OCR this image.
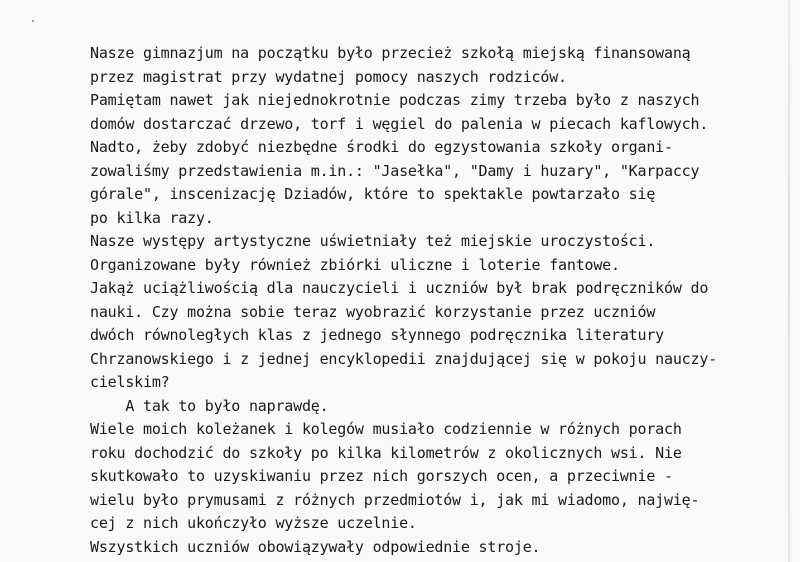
Nasze gimnazjum na początku było przecież szkołą miejską finansowaną
przez magistrat przy wydatnej pomocy naszych rodziców.
Pamiętam nawet jak niejednokrotnie podczas zimy trzeba było z naszych
domów dostarczać drzewo, torf i węgiel do palenia w piecach kaflowych.
Nadto, żeby zdobyć niezbędne środki do egzystowania szkoły organi-
zowaliśmy przedstawienia m.in.: "Jasełka", "Damy i huzary", "Karpaccy
górale", inscenizację Dziadów, które to spektakle powtarzało się
po kilka razy.
Nasze występy artystyczne uświetniały też miejskie uroczystości.
Organizowane były również zbiórki uliczne i loterie fantowe.
Jakąż uciążliwością dla nauczycieli i uczniów był brak podręczników do
nauki. Czy można sobie teraz wyobrazić korzystanie przez uczniów
dwóch równoległych klas z jednego słynnego podręcznika literatury
Chrzanowskiego i z jednej encyklopedii znajdującej się w pokoju nauczy-
cielskim?
A tak to było naprawdę.
Wiele moich koleżanek i kolegów musiało codziennie w różnych porach
roku dochodzić do szkoły po kilka kilometrów z okolicznych wsi. Nie
skutkowało to uzyskiwaniu przez nich gorszych ocen, a przeciwnie -
wielu było prymusami z różnych przedmiotów i, jak mi wiadomo, najwię-
cej z nich ukończyło wyższe uczelnie.
Wszystkich uczniów obowiązywały odpowiednie stroje.
